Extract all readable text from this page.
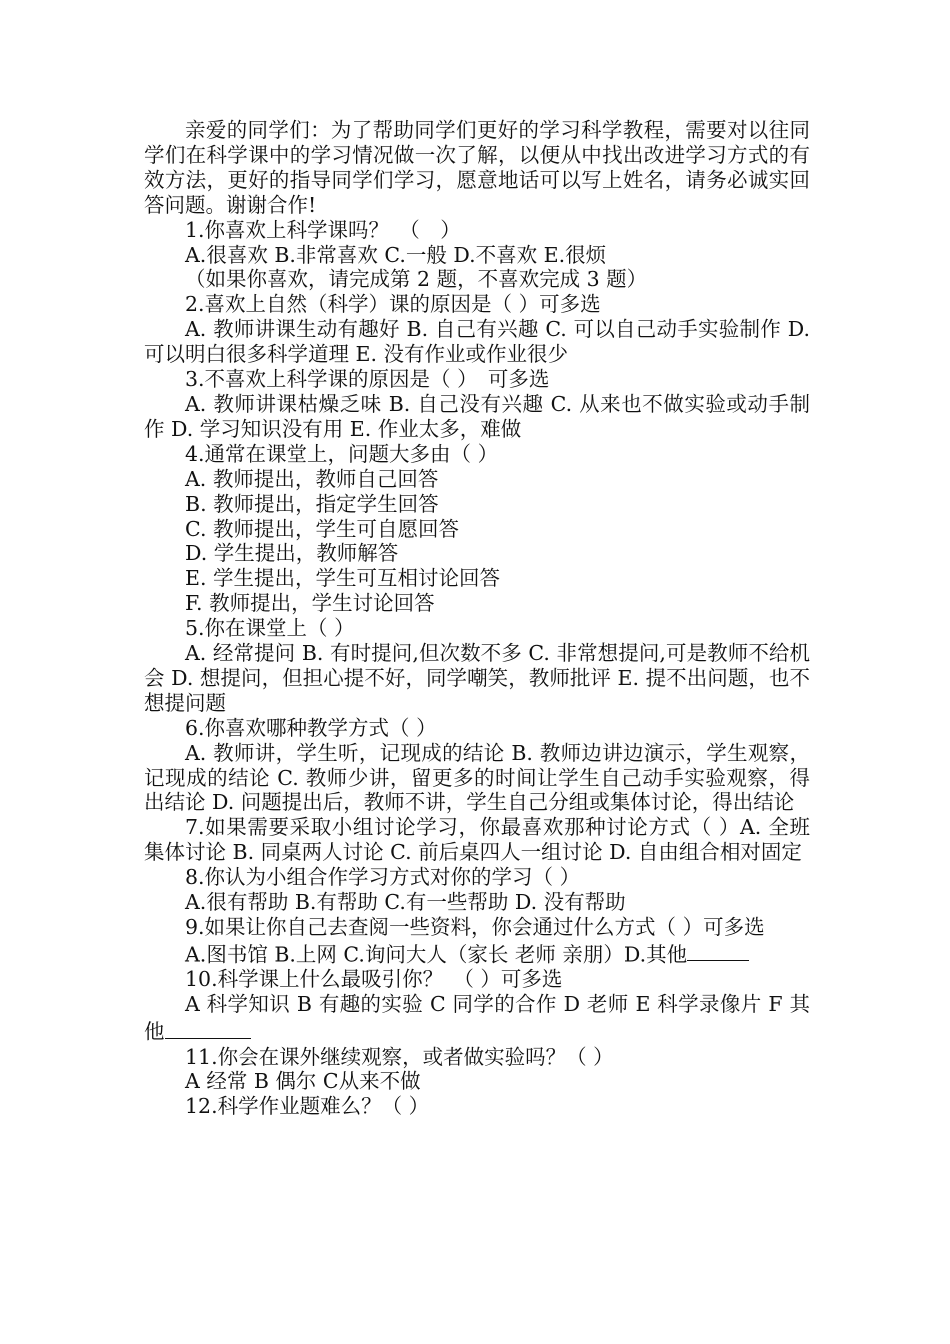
亲爱的同学们：为了帮助同学们更好的学习科学教程，需要对以往同学们在科学课中的学习情况做一次了解，以便从中找出改进学习方式的有效方法，更好的指导同学们学习，愿意地话可以写上姓名，请务必诚实回答问题。谢谢合作!

1.你喜欢上科学课吗？　（　）

A.很喜欢 B.非常喜欢 C.一般 D.不喜欢 E.很烦

（如果你喜欢，请完成第 2 题，不喜欢完成 3 题）

2.喜欢上自然（科学）课的原因是（ ）可多选

A. 教师讲课生动有趣好 B. 自己有兴趣 C. 可以自己动手实验制作 D. 可以明白很多科学道理 E. 没有作业或作业很少

3.不喜欢上科学课的原因是（ ）　可多选

A. 教师讲课枯燥乏味 B. 自己没有兴趣 C. 从来也不做实验或动手制作 D. 学习知识没有用 E. 作业太多，难做

4.通常在课堂上，问题大多由（ ）

A. 教师提出，教师自己回答

B. 教师提出，指定学生回答

C. 教师提出，学生可自愿回答

D. 学生提出，教师解答

E. 学生提出，学生可互相讨论回答

F. 教师提出，学生讨论回答

5.你在课堂上（ ）

A. 经常提问 B. 有时提问,但次数不多 C. 非常想提问,可是教师不给机会 D. 想提问，但担心提不好，同学嘲笑，教师批评 E. 提不出问题，也不想提问题

6.你喜欢哪种教学方式（ ）

A. 教师讲，学生听，记现成的结论 B. 教师边讲边演示，学生观察，记现成的结论 C. 教师少讲，留更多的时间让学生自己动手实验观察，得出结论 D. 问题提出后，教师不讲，学生自己分组或集体讨论，得出结论

7.如果需要采取小组讨论学习，你最喜欢那种讨论方式（ ）A. 全班集体讨论 B. 同桌两人讨论 C. 前后桌四人一组讨论 D. 自由组合相对固定

8.你认为小组合作学习方式对你的学习（ ）

A.很有帮助 B.有帮助 C.有一些帮助 D. 没有帮助

9.如果让你自己去查阅一些资料，你会通过什么方式（ ）可多选

A.图书馆 B.上网 C.询问大人（家长 老师 亲朋）D.其他

10.科学课上什么最吸引你？　（ ）可多选

A 科学知识 B 有趣的实验 C 同学的合作 D 老师 E 科学录像片 F 其他

11.你会在课外继续观察，或者做实验吗？（ ）

A 经常 B 偶尔 C从来不做

12.科学作业题难么？（ ）
